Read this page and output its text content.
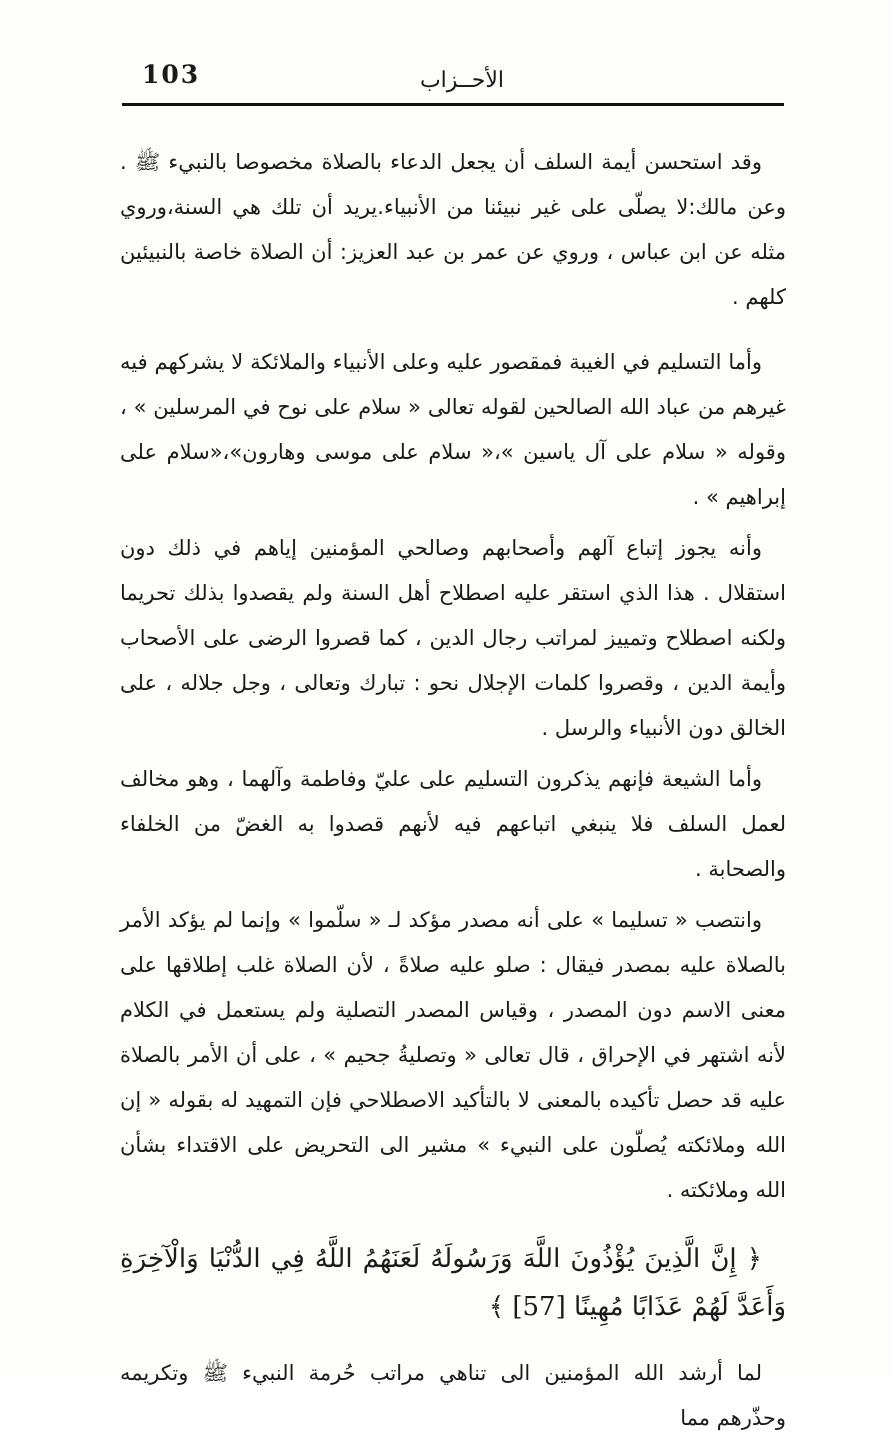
103	الأحــزاب

وقد استحسن أيمة السلف أن يجعل الدعاء بالصلاة مخصوصا بالنبيء ﷺ . وعن مالك:لا يصلّى على غير نبيئنا من الأنبياء.يريد أن تلك هي السنة،وروي مثله عن ابن عباس ، وروي عن عمر بن عبد العزيز: أن الصلاة خاصة بالنبيئين كلهم .

وأما التسليم في الغيبة فمقصور عليه وعلى الأنبياء والملائكة لا يشركهم فيه غيرهم من عباد الله الصالحين لقوله تعالى « سلام على نوح في المرسلين » ، وقوله « سلام على آل ياسين »،« سلام على موسى وهارون»،«سلام على إبراهيم » .

وأنه يجوز إتباع آلهم وأصحابهم وصالحي المؤمنين إياهم في ذلك دون استقلال . هذا الذي استقر عليه اصطلاح أهل السنة ولم يقصدوا بذلك تحريما ولكنه اصطلاح وتمييز لمراتب رجال الدين ، كما قصروا الرضى على الأصحاب وأيمة الدين ، وقصروا كلمات الإجلال نحو : تبارك وتعالى ، وجل جلاله ، على الخالق دون الأنبياء والرسل .

وأما الشيعة فإنهم يذكرون التسليم على عليّ وفاطمة وآلهما ، وهو مخالف لعمل السلف فلا ينبغي اتباعهم فيه لأنهم قصدوا به الغضّ من الخلفاء والصحابة .

وانتصب « تسليما » على أنه مصدر مؤكد لـ « سلّموا » وإنما لم يؤكد الأمر بالصلاة عليه بمصدر فيقال : صلو عليه صلاةً ، لأن الصلاة غلب إطلاقها على معنى الاسم دون المصدر ، وقياس المصدر التصلية ولم يستعمل في الكلام لأنه اشتهر في الإحراق ، قال تعالى « وتصليةُ جحيم » ، على أن الأمر بالصلاة عليه قد حصل تأكيده بالمعنى لا بالتأكيد الاصطلاحي فإن التمهيد له بقوله « إن الله وملائكته يُصلّون على النبيء » مشير الى التحريض على الاقتداء بشأن الله وملائكته .

﴿ إِنَّ الَّذِينَ يُؤْذُونَ اللَّهَ وَرَسُولَهُ لَعَنَهُمُ اللَّهُ فِي الدُّنْيَا وَالْآخِرَةِ وَأَعَدَّ لَهُمْ عَذَابًا مُهِينًا [57] ﴾

لما أرشد الله المؤمنين الى تناهي مراتب حُرمة النبيء ﷺ وتكريمه وحذّرهم مما
